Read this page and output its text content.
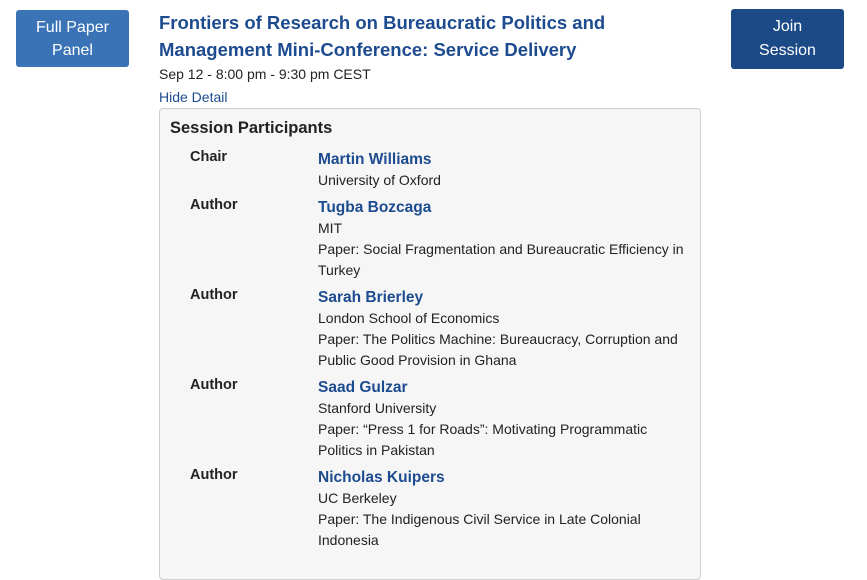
Full Paper
Panel
Frontiers of Research on Bureaucratic Politics and Management Mini-Conference: Service Delivery
Sep 12 - 8:00 pm - 9:30 pm CEST
Hide Detail
Join
Session
Session Participants
Chair	Martin Williams
University of Oxford
Author	Tugba Bozcaga
MIT
Paper: Social Fragmentation and Bureaucratic Efficiency in Turkey
Author	Sarah Brierley
London School of Economics
Paper: The Politics Machine: Bureaucracy, Corruption and Public Good Provision in Ghana
Author	Saad Gulzar
Stanford University
Paper: “Press 1 for Roads”: Motivating Programmatic Politics in Pakistan
Author	Nicholas Kuipers
UC Berkeley
Paper: The Indigenous Civil Service in Late Colonial Indonesia
